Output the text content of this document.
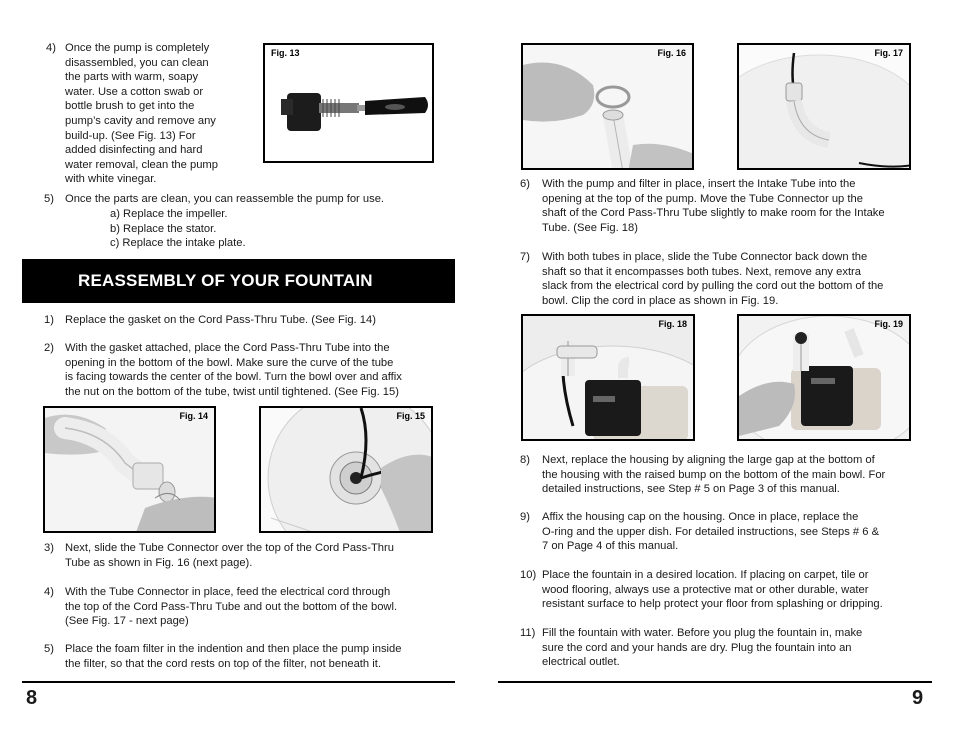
4) Once the pump is completely
disassembled, you can clean
the parts with warm, soapy
water. Use a cotton swab or
bottle brush to get into the
pump’s cavity and remove any
build-up. (See Fig. 13) For
added disinfecting and hard
water removal, clean the pump
with white vinegar.
Fig. 13
5) Once the parts are clean, you can reassemble the pump for use.
a) Replace the impeller.
b) Replace the stator.
c) Replace the intake plate.
REASSEMBLY OF YOUR FOUNTAIN
1) Replace the gasket on the Cord Pass-Thru Tube. (See Fig. 14)
2) With the gasket attached, place the Cord Pass-Thru Tube into the
opening in the bottom of the bowl. Make sure the curve of the tube
is facing towards the center of the bowl. Turn the bowl over and affix
the nut on the bottom of the tube, twist until tightened. (See Fig. 15)
Fig. 14	Fig. 15
3) Next, slide the Tube Connector over the top of the Cord Pass-Thru
Tube as shown in Fig. 16 (next page).
4) With the Tube Connector in place, feed the electrical cord through
the top of the Cord Pass-Thru Tube and out the bottom of the bowl.
(See Fig. 17 - next page)
5) Place the foam filter in the indention and then place the pump inside
the filter, so that the cord rests on top of the filter, not beneath it.
8
Fig. 16	Fig. 17
6) With the pump and filter in place, insert the Intake Tube into the
opening at the top of the pump. Move the Tube Connector up the
shaft of the Cord Pass-Thru Tube slightly to make room for the Intake
Tube. (See Fig. 18)
7) With both tubes in place, slide the Tube Connector back down the
shaft so that it encompasses both tubes. Next, remove any extra
slack from the electrical cord by pulling the cord out the bottom of the
bowl. Clip the cord in place as shown in Fig. 19.
Fig. 18	Fig. 19
8) Next, replace the housing by aligning the large gap at the bottom of
the housing with the raised bump on the bottom of the main bowl. For
detailed instructions, see Step # 5 on Page 3 of this manual.
9) Affix the housing cap on the housing. Once in place, replace the
O-ring and the upper dish. For detailed instructions, see Steps # 6 &
7 on Page 4 of this manual.
10) Place the fountain in a desired location. If placing on carpet, tile or
wood flooring, always use a protective mat or other durable, water
resistant surface to help protect your floor from splashing or dripping.
11) Fill the fountain with water. Before you plug the fountain in, make
sure the cord and your hands are dry. Plug the fountain into an
electrical outlet.
9
